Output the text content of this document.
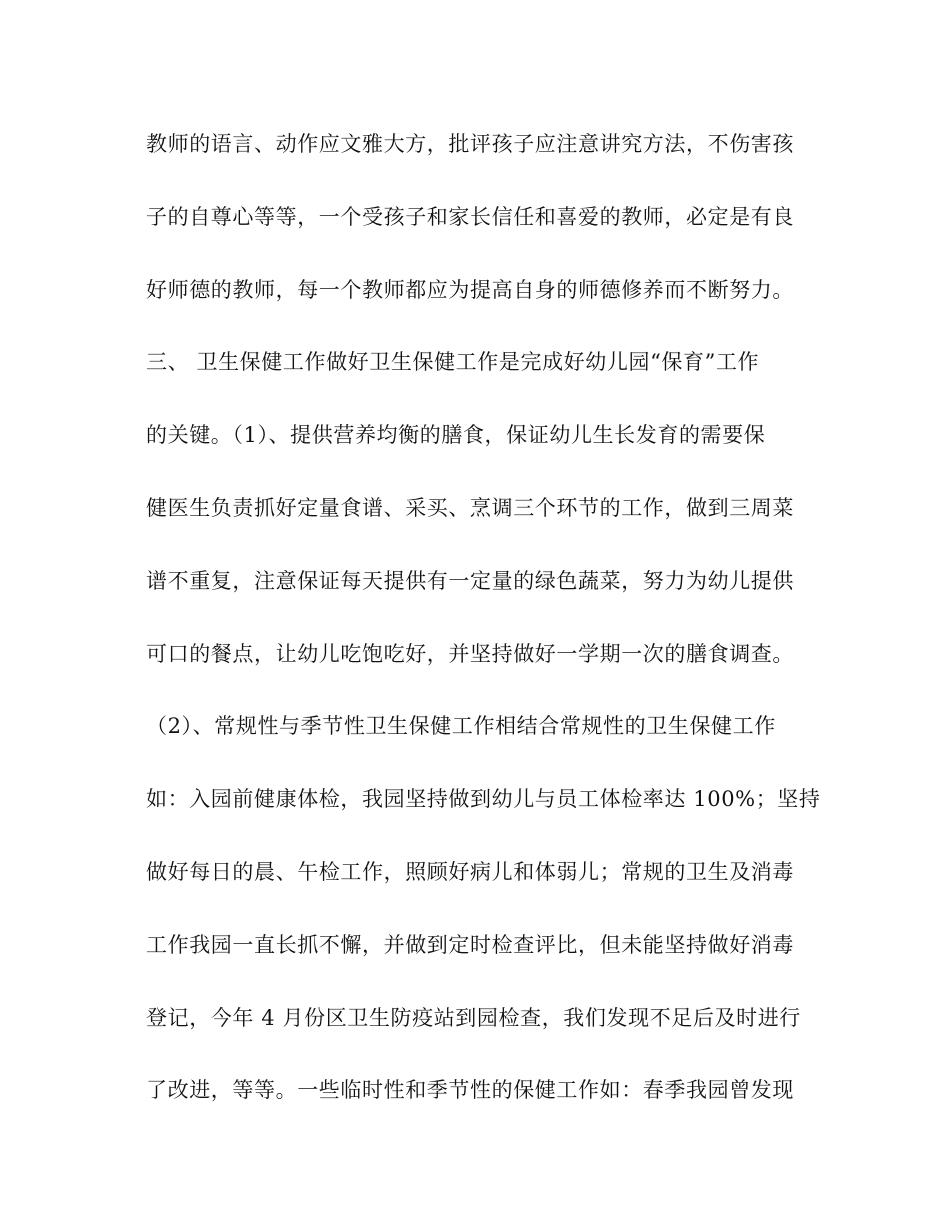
教师的语言、动作应文雅大方，批评孩子应注意讲究方法，不伤害孩
子的自尊心等等，一个受孩子和家长信任和喜爱的教师，必定是有良
好师德的教师，每一个教师都应为提高自身的师德修养而不断努力。
三、 卫生保健工作做好卫生保健工作是完成好幼儿园“保育”工作
的关键。（1）、提供营养均衡的膳食，保证幼儿生长发育的需要保
健医生负责抓好定量食谱、采买、烹调三个环节的工作，做到三周菜
谱不重复，注意保证每天提供有一定量的绿色蔬菜，努力为幼儿提供
可口的餐点，让幼儿吃饱吃好，并坚持做好一学期一次的膳食调查。
（2）、常规性与季节性卫生保健工作相结合常规性的卫生保健工作
如：入园前健康体检，我园坚持做到幼儿与员工体检率达 100%；坚持
做好每日的晨、午检工作，照顾好病儿和体弱儿；常规的卫生及消毒
工作我园一直长抓不懈，并做到定时检查评比，但未能坚持做好消毒
登记，今年 4 月份区卫生防疫站到园检查，我们发现不足后及时进行
了改进，等等。一些临时性和季节性的保健工作如：春季我园曾发现
